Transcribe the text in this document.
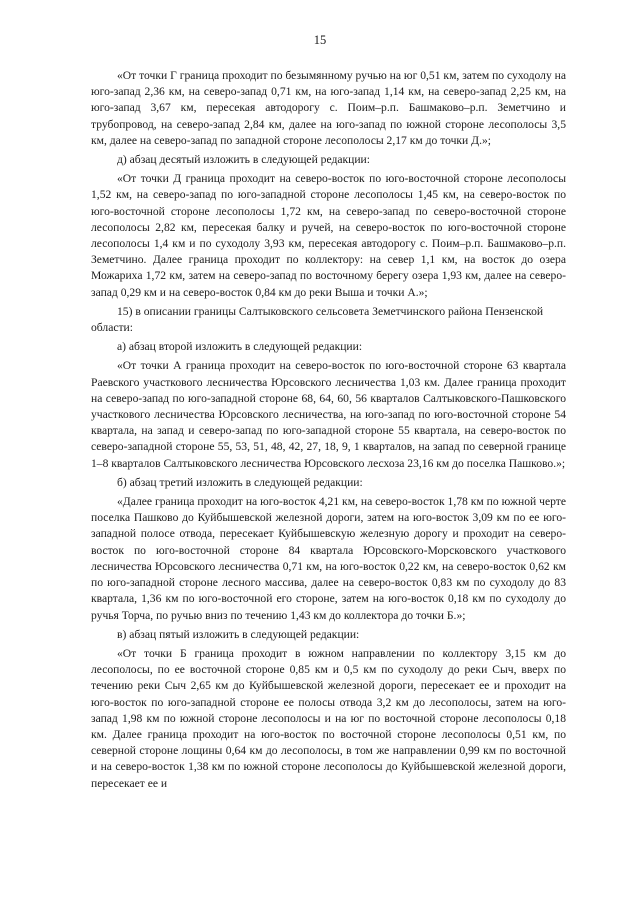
15

«От точки Г граница проходит по безымянному ручью на юг 0,51 км, затем по суходолу на юго-запад 2,36 км, на северо-запад 0,71 км, на юго-запад 1,14 км, на северо-запад 2,25 км, на юго-запад 3,67 км, пересекая автодорогу с. Поим–р.п. Башмаково–р.п. Земетчино и трубопровод, на северо-запад 2,84 км, далее на юго-запад по южной стороне лесополосы 3,5 км, далее на северо-запад по западной стороне лесополосы 2,17 км до точки Д.»;

д) абзац десятый изложить в следующей редакции:

«От точки Д граница проходит на северо-восток по юго-восточной стороне лесополосы 1,52 км, на северо-запад по юго-западной стороне лесополосы 1,45 км, на северо-восток по юго-восточной стороне лесополосы 1,72 км, на северо-запад по северо-восточной стороне лесополосы 2,82 км, пересекая балку и ручей, на северо-восток по юго-восточной стороне лесополосы 1,4 км и по суходолу 3,93 км, пересекая автодорогу с. Поим–р.п. Башмаково–р.п. Земетчино. Далее граница проходит по коллектору: на север 1,1 км, на восток до озера Можариха 1,72 км, затем на северо-запад по восточному берегу озера 1,93 км, далее на северо-запад 0,29 км и на северо-восток 0,84 км до реки Выша и точки А.»;

15) в описании границы Салтыковского сельсовета Земетчинского района Пензенской области:

а) абзац второй изложить в следующей редакции:

«От точки А граница проходит на северо-восток по юго-восточной стороне 63 квартала Раевского участкового лесничества Юрсовского лесничества 1,03 км. Далее граница проходит на северо-запад по юго-западной стороне 68, 64, 60, 56 кварталов Салтыковского-Пашковского участкового лесничества Юрсовского лесничества, на юго-запад по юго-восточной стороне 54 квартала, на запад и северо-запад по юго-западной стороне 55 квартала, на северо-восток по северо-западной стороне 55, 53, 51, 48, 42, 27, 18, 9, 1 кварталов, на запад по северной границе 1–8 кварталов Салтыковского лесничества Юрсовского лесхоза 23,16 км до поселка Пашково.»;

б) абзац третий изложить в следующей редакции:

«Далее граница проходит на юго-восток 4,21 км, на северо-восток 1,78 км по южной черте поселка Пашково до Куйбышевской железной дороги, затем на юго-восток 3,09 км по ее юго-западной полосе отвода, пересекает Куйбышевскую железную дорогу и проходит на северо-восток по юго-восточной стороне 84 квартала Юрсовского-Морсковского участкового лесничества Юрсовского лесничества 0,71 км, на юго-восток 0,22 км, на северо-восток 0,62 км по юго-западной стороне лесного массива, далее на северо-восток 0,83 км по суходолу до 83 квартала, 1,36 км по юго-восточной его стороне, затем на юго-восток 0,18 км по суходолу до ручья Торча, по ручью вниз по течению 1,43 км до коллектора до точки Б.»;

в) абзац пятый изложить в следующей редакции:

«От точки Б граница проходит в южном направлении по коллектору 3,15 км до лесополосы, по ее восточной стороне 0,85 км и 0,5 км по суходолу до реки Сыч, вверх по течению реки Сыч 2,65 км до Куйбышевской железной дороги, пересекает ее и проходит на юго-восток по юго-западной стороне ее полосы отвода 3,2 км до лесополосы, затем на юго-запад 1,98 км по южной стороне лесополосы и на юг по восточной стороне лесополосы 0,18 км. Далее граница проходит на юго-восток по восточной стороне лесополосы 0,51 км, по северной стороне лощины 0,64 км до лесополосы, в том же направлении 0,99 км по восточной и на северо-восток 1,38 км по южной стороне лесополосы до Куйбышевской железной дороги, пересекает ее и
